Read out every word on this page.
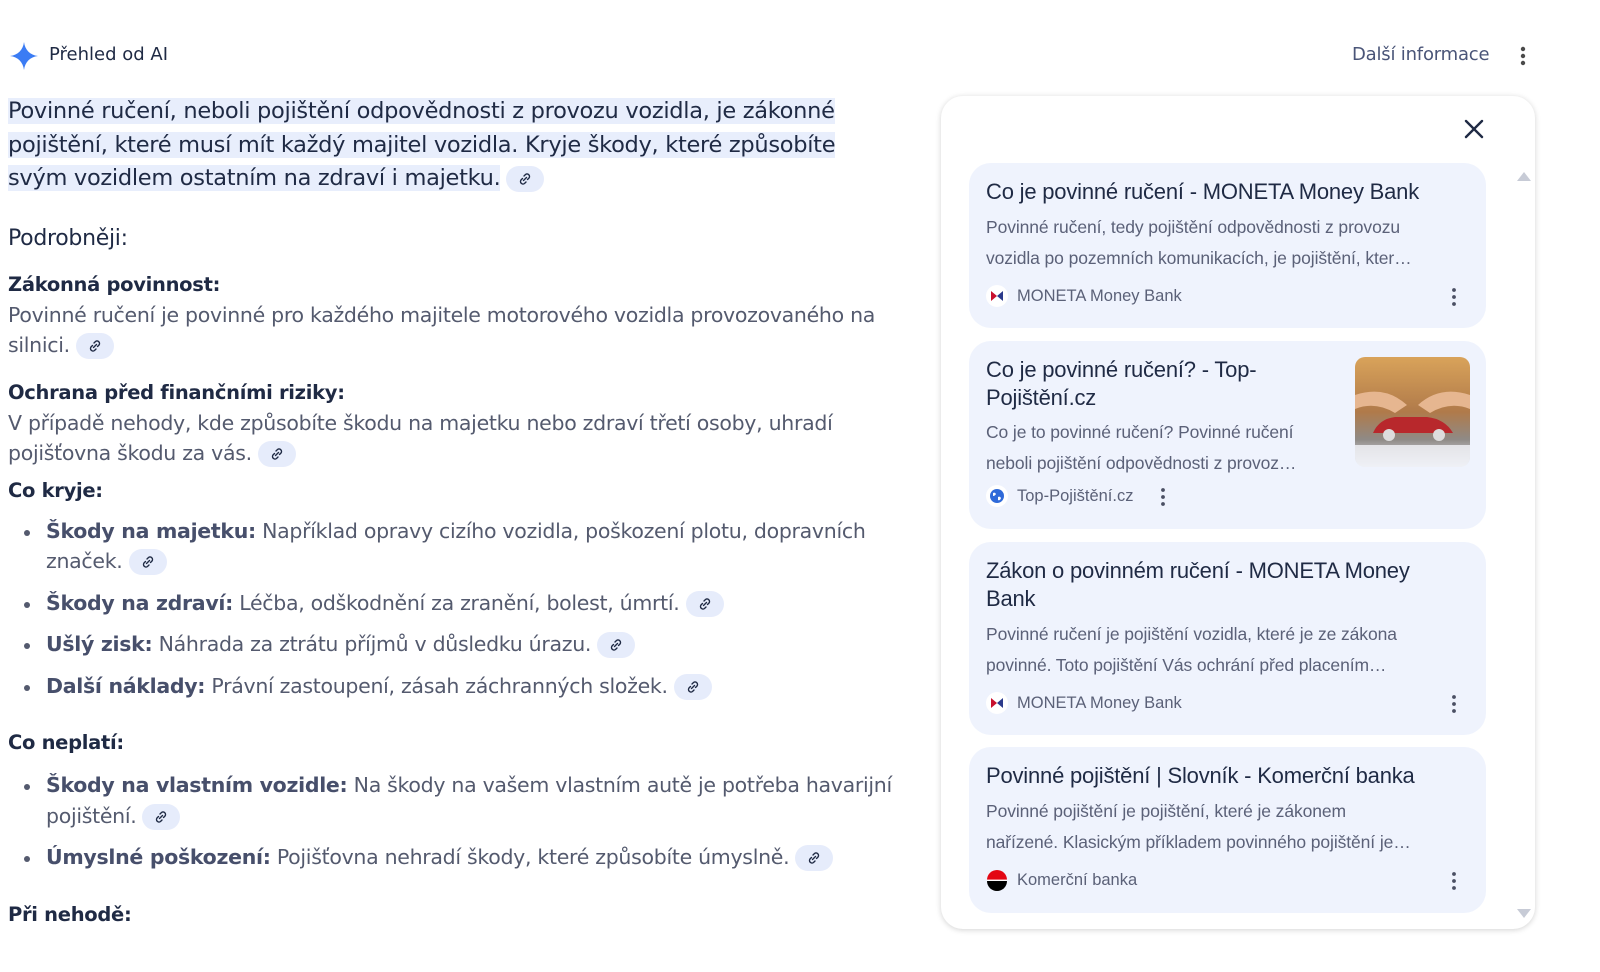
Přehled od AI	Další informace
Povinné ručení, neboli pojištění odpovědnosti z provozu vozidla, je zákonné
pojištění, které musí mít každý majitel vozidla. Kryje škody, které způsobíte
svým vozidlem ostatním na zdraví i majetku.
Podrobněji:
Zákonná povinnost:
Povinné ručení je povinné pro každého majitele motorového vozidla provozovaného na silnici.
Ochrana před finančními riziky:
V případě nehody, kde způsobíte škodu na majetku nebo zdraví třetí osoby, uhradí pojišťovna škodu za vás.
Co kryje:
Škody na majetku: Například opravy cizího vozidla, poškození plotu, dopravních značek.
Škody na zdraví: Léčba, odškodnění za zranění, bolest, úmrtí.
Ušlý zisk: Náhrada za ztrátu příjmů v důsledku úrazu.
Další náklady: Právní zastoupení, zásah záchranných složek.
Co neplatí:
Škody na vlastním vozidle: Na škody na vašem vlastním autě je potřeba havarijní pojištění.
Úmyslné poškození: Pojišťovna nehradí škody, které způsobíte úmyslně.
Při nehodě:
Co je povinné ručení - MONETA Money Bank
Povinné ručení, tedy pojištění odpovědnosti z provozu
vozidla po pozemních komunikacích, je pojištění, kter…
MONETA Money Bank
Co je povinné ručení? - Top-
Pojištění.cz
Co je to povinné ručení? Povinné ručení
neboli pojištění odpovědnosti z provoz…
Top-Pojištění.cz
Zákon o povinném ručení - MONETA Money
Bank
Povinné ručení je pojištění vozidla, které je ze zákona
povinné. Toto pojištění Vás ochrání před placením…
MONETA Money Bank
Povinné pojištění | Slovník - Komerční banka
Povinné pojištění je pojištění, které je zákonem
nařízené. Klasickým příkladem povinného pojištění je…
Komerční banka
